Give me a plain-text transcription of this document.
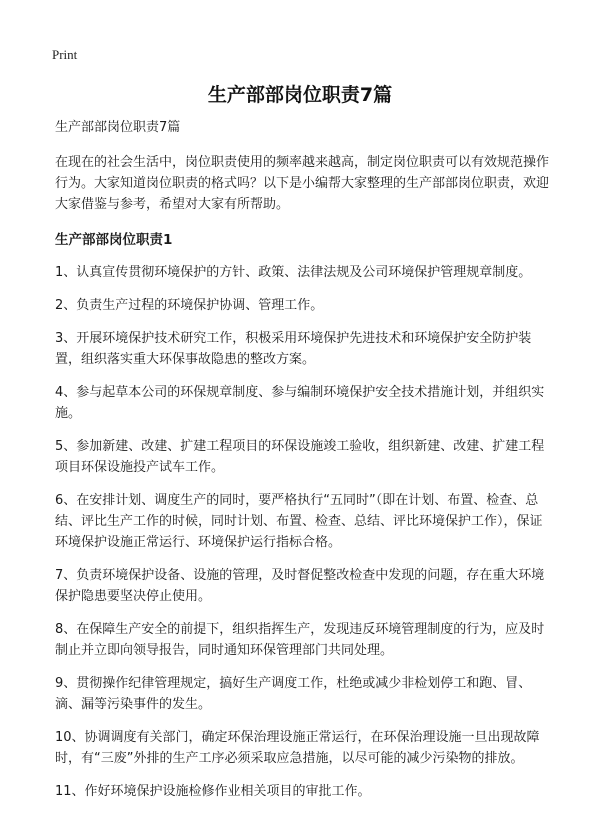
Print
生产部部岗位职责7篇

生产部部岗位职责7篇

在现在的社会生活中，岗位职责使用的频率越来越高，制定岗位职责可以有效规范操作行为。大家知道岗位职责的格式吗？以下是小编帮大家整理的生产部部岗位职责，欢迎大家借鉴与参考，希望对大家有所帮助。

生产部部岗位职责1

1、认真宣传贯彻环境保护的方针、政策、法律法规及公司环境保护管理规章制度。

2、负责生产过程的环境保护协调、管理工作。

3、开展环境保护技术研究工作，积极采用环境保护先进技术和环境保护安全防护装置，组织落实重大环保事故隐患的整改方案。

4、参与起草本公司的环保规章制度、参与编制环境保护安全技术措施计划，并组织实施。

5、参加新建、改建、扩建工程项目的环保设施竣工验收，组织新建、改建、扩建工程项目环保设施投产试车工作。

6、在安排计划、调度生产的同时，要严格执行“五同时”（即在计划、布置、检查、总结、评比生产工作的时候，同时计划、布置、检查、总结、评比环境保护工作），保证环境保护设施正常运行、环境保护运行指标合格。

7、负责环境保护设备、设施的管理，及时督促整改检查中发现的问题，存在重大环境保护隐患要坚决停止使用。

8、在保障生产安全的前提下，组织指挥生产，发现违反环境管理制度的行为，应及时制止并立即向领导报告，同时通知环保管理部门共同处理。

9、贯彻操作纪律管理规定，搞好生产调度工作，杜绝或减少非检划停工和跑、冒、滴、漏等污染事件的发生。

10、协调调度有关部门，确定环保治理设施正常运行，在环保治理设施一旦出现故障时，有“三废”外排的生产工序必须采取应急措施，以尽可能的减少污染物的排放。

11、作好环境保护设施检修作业相关项目的审批工作。
